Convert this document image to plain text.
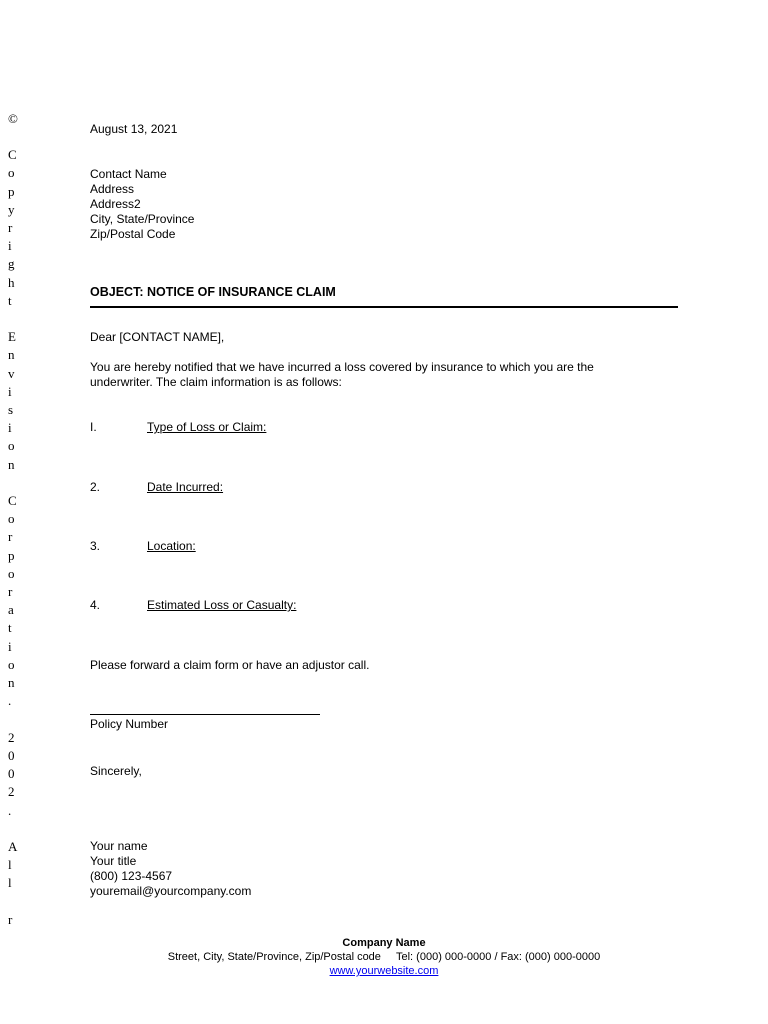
©
C
o
p
y
r
i
g
h
t

E
n
v
i
s
i
o
n

C
o
r
p
o
r
a
t
i
o
n
.

2
0
0
2
.

A
l
l

r
August 13, 2021
Contact Name
Address
Address2
City, State/Province
Zip/Postal Code
OBJECT: NOTICE OF INSURANCE CLAIM
Dear [CONTACT NAME],
You are hereby notified that we have incurred a loss covered by insurance to which you are the underwriter. The claim information is as follows:
I.	Type of Loss or Claim:
2.	Date Incurred:
3.	Location:
4.	Estimated Loss or Casualty:
Please forward a claim form or have an adjustor call.
Policy Number
Sincerely,
Your name
Your title
(800) 123-4567
youremail@yourcompany.com
Company Name
Street, City, State/Province, Zip/Postal code     Tel: (000) 000-0000 / Fax: (000) 000-0000
www.yourwebsite.com
